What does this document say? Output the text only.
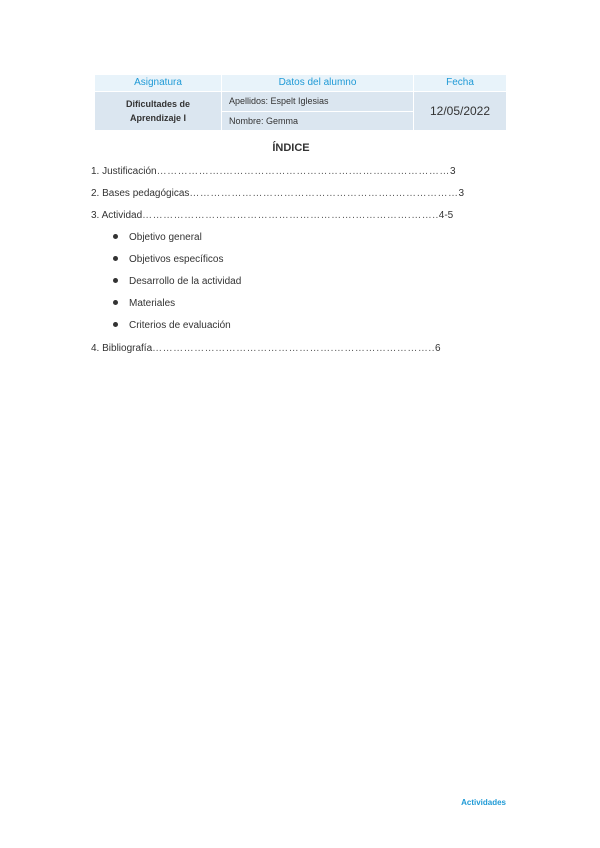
Asignatura	Datos del alumno	Fecha

Dificultades de
Aprendizaje I	Apellidos: Espelt Iglesias	12/05/2022
	Nombre: Gemma	
ÍNDICE
1. Justificación……………….……………………………….……….………………3
2. Bases pedagógicas…………………………………………………..………………3
3. Actividad…………………………………………………….…………….……..4-5
Objetivo general
Objetivos específicos
Desarrollo de la actividad
Materiales
Criterios de evaluación
4. Bibliografía…………………………………………….………………………..6
Actividades
